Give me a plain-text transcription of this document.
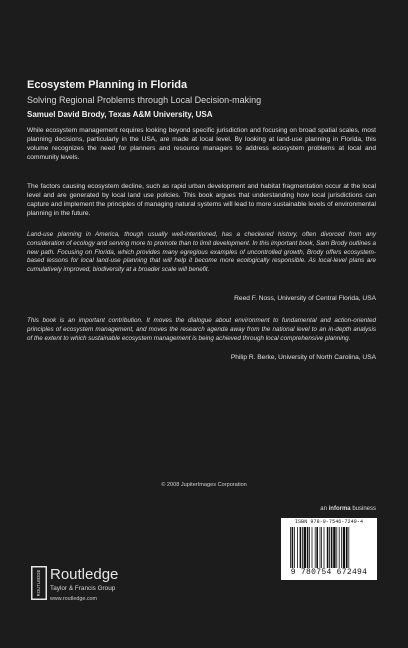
Ecosystem Planning in Florida
Solving Regional Problems through Local Decision-making
Samuel David Brody, Texas A&M University, USA
While ecosystem management requires looking beyond specific jurisdiction and focusing on broad spatial scales, most planning decisions, particularly in the USA, are made at local level. By looking at land-use planning in Florida, this volume recognizes the need for planners and resource managers to address ecosystem problems at local and community levels.
The factors causing ecosystem decline, such as rapid urban development and habitat fragmentation occur at the local level and are generated by local land use policies. This book argues that understanding how local jurisdictions can capture and implement the principles of managing natural systems will lead to more sustainable levels of environmental planning in the future.
Land-use planning in America, though usually well-intentioned, has a checkered history, often divorced from any consideration of ecology and serving more to promote than to limit development. In this important book, Sam Brody outlines a new path. Focusing on Florida, which provides many egregious examples of uncontrolled growth, Brody offers ecosystem-based lessons for local land-use planning that will help it become more ecologically responsible. As local-level plans are cumulatively improved, biodiversity at a broader scale will benefit.
Reed F. Noss, University of Central Florida, USA
This book is an important contribution. It moves the dialogue about environment to fundamental and action-oriented principles of ecosystem management, and moves the research agenda away from the national level to an in-depth analysis of the extent to which sustainable ecosystem management is being achieved through local comprehensive planning.
Philip R. Berke, University of North Carolina, USA
© 2008 JupiterImages Corporation
an informa business
ISBN 978-0-7546-7249-4
9 780754 672494
ROUTLEDGE Routledge
Taylor & Francis Group
www.routledge.com
